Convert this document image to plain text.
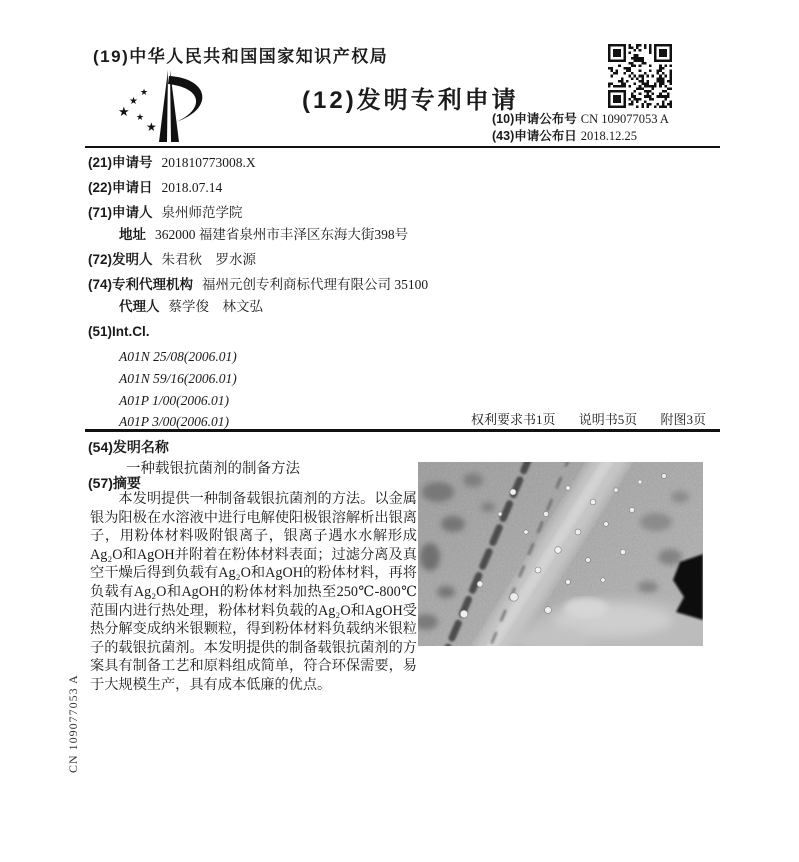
(19)中华人民共和国国家知识产权局
★
★
★
★
★
(12)发明专利申请
(10)申请公布号 CN 109077053 A
(43)申请公布日 2018.12.25
(21)申请号 201810773008.X
(22)申请日 2018.07.14
(71)申请人 泉州师范学院
地址 362000 福建省泉州市丰泽区东海大街398号
(72)发明人 朱君秋　罗水源
(74)专利代理机构 福州元创专利商标代理有限公司 35100
代理人 蔡学俊　林文弘
(51)Int.Cl.
A01N 25/08(2006.01)
A01N 59/16(2006.01)
A01P 1/00(2006.01)
A01P 3/00(2006.01)	权利要求书1页 说明书5页 附图3页
(54)发明名称
一种载银抗菌剂的制备方法
(57)摘要
本发明提供一种制备载银抗菌剂的方法。以金属银为阳极在水溶液中进行电解使阳极银溶解析出银离子，用粉体材料吸附银离子，银离子遇水水解形成Ag₂O和AgOH并附着在粉体材料表面；过滤分离及真空干燥后得到负载有Ag₂O和AgOH的粉体材料，再将负载有Ag₂O和AgOH的粉体材料加热至250℃-800℃范围内进行热处理，粉体材料负载的Ag₂O和AgOH受热分解变成纳米银颗粒，得到粉体材料负载纳米银粒子的载银抗菌剂。本发明提供的制备载银抗菌剂的方案具有制备工艺和原料组成简单，符合环保需要，易于大规模生产，具有成本低廉的优点。
CN 109077053 A
